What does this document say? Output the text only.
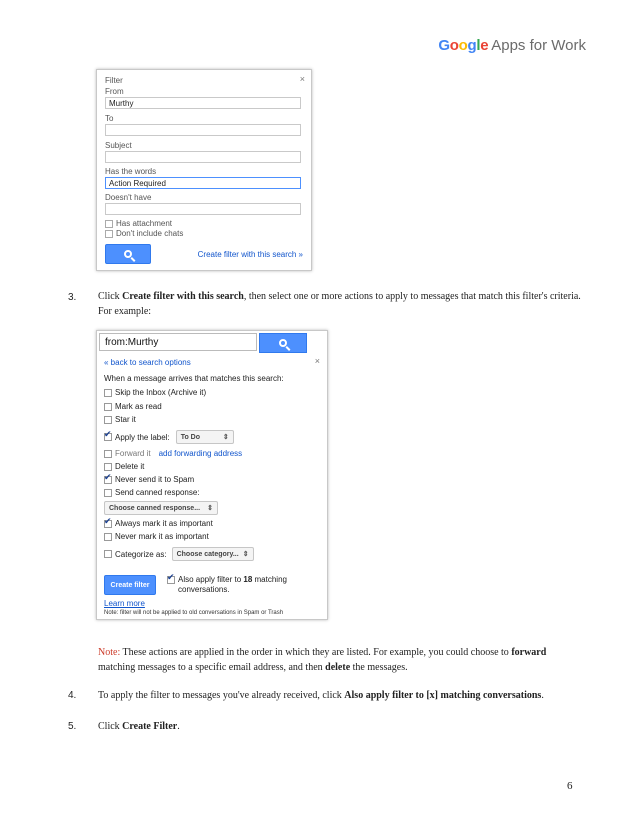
Google Apps for Work
Filter	×
From
Murthy
To
Subject
Has the words
Action Required
Doesn't have
Has attachment
Don't include chats
Create filter with this search »
3. Click Create filter with this search, then select one or more actions to apply to messages that match this filter's criteria. For example:
from:Murthy
« back to search options	×
When a message arrives that matches this search:
Skip the Inbox (Archive it)
Mark as read
Star it
✔
Apply the label: To Do	⇕
Forward it add forwarding address
Delete it
✔
Never send it to Spam
Send canned response:
Choose canned response... ⇕
✔
Always mark it as important
Never mark it as important
Categorize as: Choose category... ⇕
Create filter
✔
Also apply filter to 18 matching
conversations.
Learn more
Note: filter will not be applied to old conversations in Spam or Trash
Note: These actions are applied in the order in which they are listed. For example, you could choose to forward matching messages to a specific email address, and then delete the messages.
4. To apply the filter to messages you've already received, click Also apply filter to [x] matching conversations.
5. Click Create Filter.
6
